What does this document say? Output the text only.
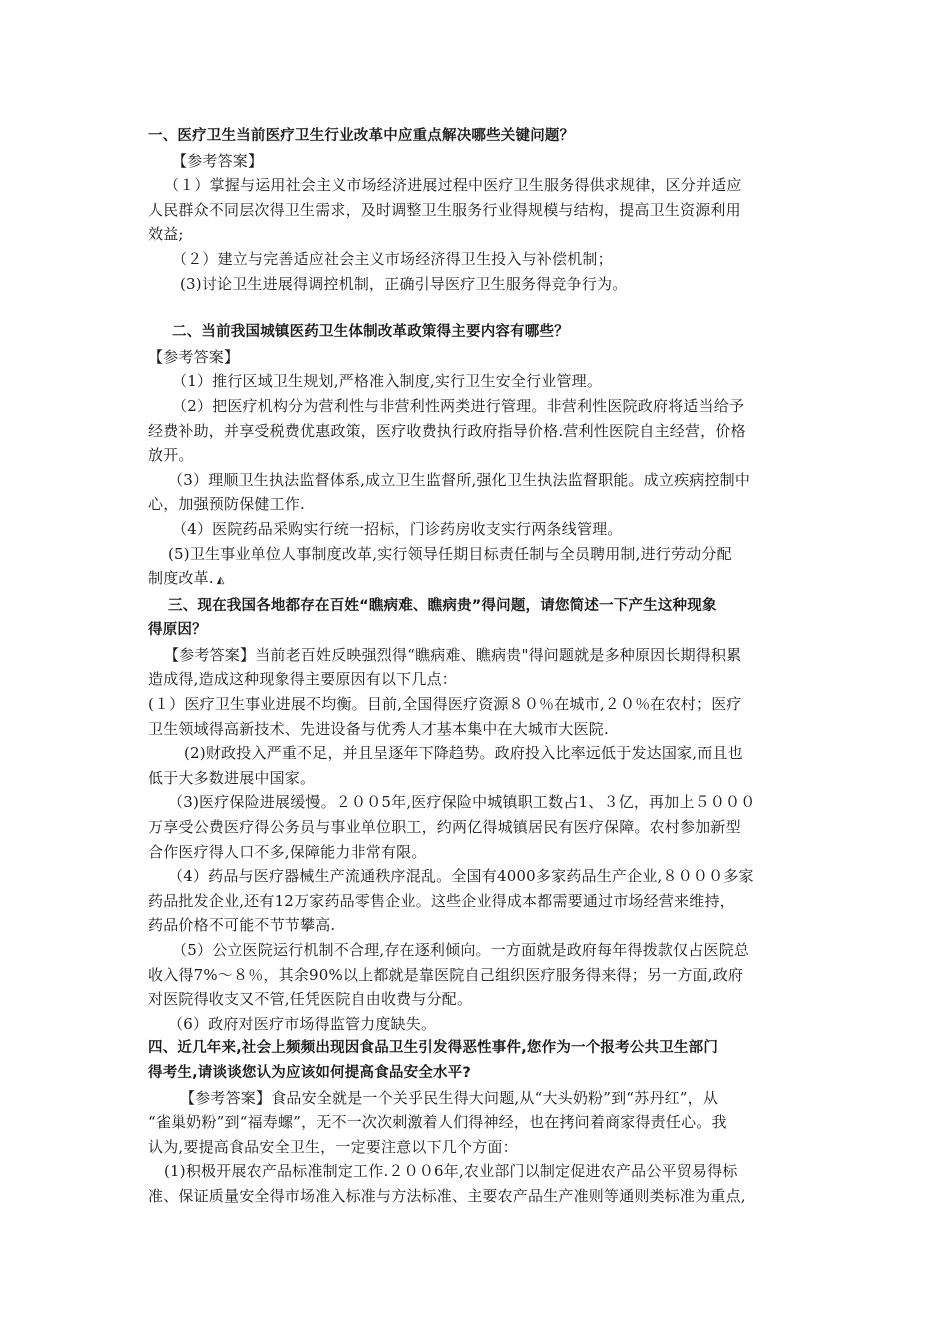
一、医疗卫生当前医疗卫生行业改革中应重点解决哪些关键问题？
【参考答案】
（１）掌握与运用社会主义市场经济进展过程中医疗卫生服务得供求规律，区分并适应
人民群众不同层次得卫生需求，及时调整卫生服务行业得规模与结构，提高卫生资源利用
效益;
（２）建立与完善适应社会主义市场经济得卫生投入与补偿机制；
(3)讨论卫生进展得调控机制，正确引导医疗卫生服务得竞争行为。
二、当前我国城镇医药卫生体制改革政策得主要内容有哪些？
【参考答案】
（1）推行区域卫生规划,严格准入制度,实行卫生安全行业管理。
（2）把医疗机构分为营利性与非营利性两类进行管理。非营利性医院政府将适当给予
经费补助，并享受税费优惠政策，医疗收费执行政府指导价格.营利性医院自主经营，价格
放开。
（3）理顺卫生执法监督体系,成立卫生监督所,强化卫生执法监督职能。成立疾病控制中
心，加强预防保健工作.
（4）医院药品采购实行统一招标，门诊药房收支实行两条线管理。
(5)卫生事业单位人事制度改革,实行领导任期目标责任制与全员聘用制,进行劳动分配
制度改革. ◭
三、现在我国各地都存在百姓“瞧病难、瞧病贵”得问题，请您简述一下产生这种现象
得原因？
【参考答案】当前老百姓反映强烈得“瞧病难、瞧病贵"得问题就是多种原因长期得积累
造成得,造成这种现象得主要原因有以下几点：
(１）医疗卫生事业进展不均衡。目前,全国得医疗资源８０％在城市,２０％在农村；医疗
卫生领域得高新技术、先进设备与优秀人才基本集中在大城市大医院.
(2)财政投入严重不足，并且呈逐年下降趋势。政府投入比率远低于发达国家,而且也
低于大多数进展中国家。
（3)医疗保险进展缓慢。２００5年,医疗保险中城镇职工数占1、３亿，再加上５０００
万享受公费医疗得公务员与事业单位职工，约两亿得城镇居民有医疗保障。农村参加新型
合作医疗得人口不多,保障能力非常有限。
（4）药品与医疗器械生产流通秩序混乱。全国有4000多家药品生产企业,８０００多家
药品批发企业,还有12万家药品零售企业。这些企业得成本都需要通过市场经营来维持，
药品价格不可能不节节攀高.
（5）公立医院运行机制不合理,存在逐利倾向。一方面就是政府每年得拨款仅占医院总
收入得7%～８％，其余90%以上都就是靠医院自己组织医疗服务得来得；另一方面,政府
对医院得收支又不管,任凭医院自由收费与分配。
（6）政府对医疗市场得监管力度缺失。
四、近几年来,社会上频频出现因食品卫生引发得恶性事件,您作为一个报考公共卫生部门
得考生,请谈谈您认为应该如何提高食品安全水平?
【参考答案】食品安全就是一个关乎民生得大问题,从“大头奶粉”到“苏丹红”，从
“雀巢奶粉”到“福寿螺”，无不一次次刺激着人们得神经，也在拷问着商家得责任心。我
认为,要提高食品安全卫生，一定要注意以下几个方面：
(1)积极开展农产品标准制定工作.２００6年,农业部门以制定促进农产品公平贸易得标
准、保证质量安全得市场准入标准与方法标准、主要农产品生产准则等通则类标准为重点,
